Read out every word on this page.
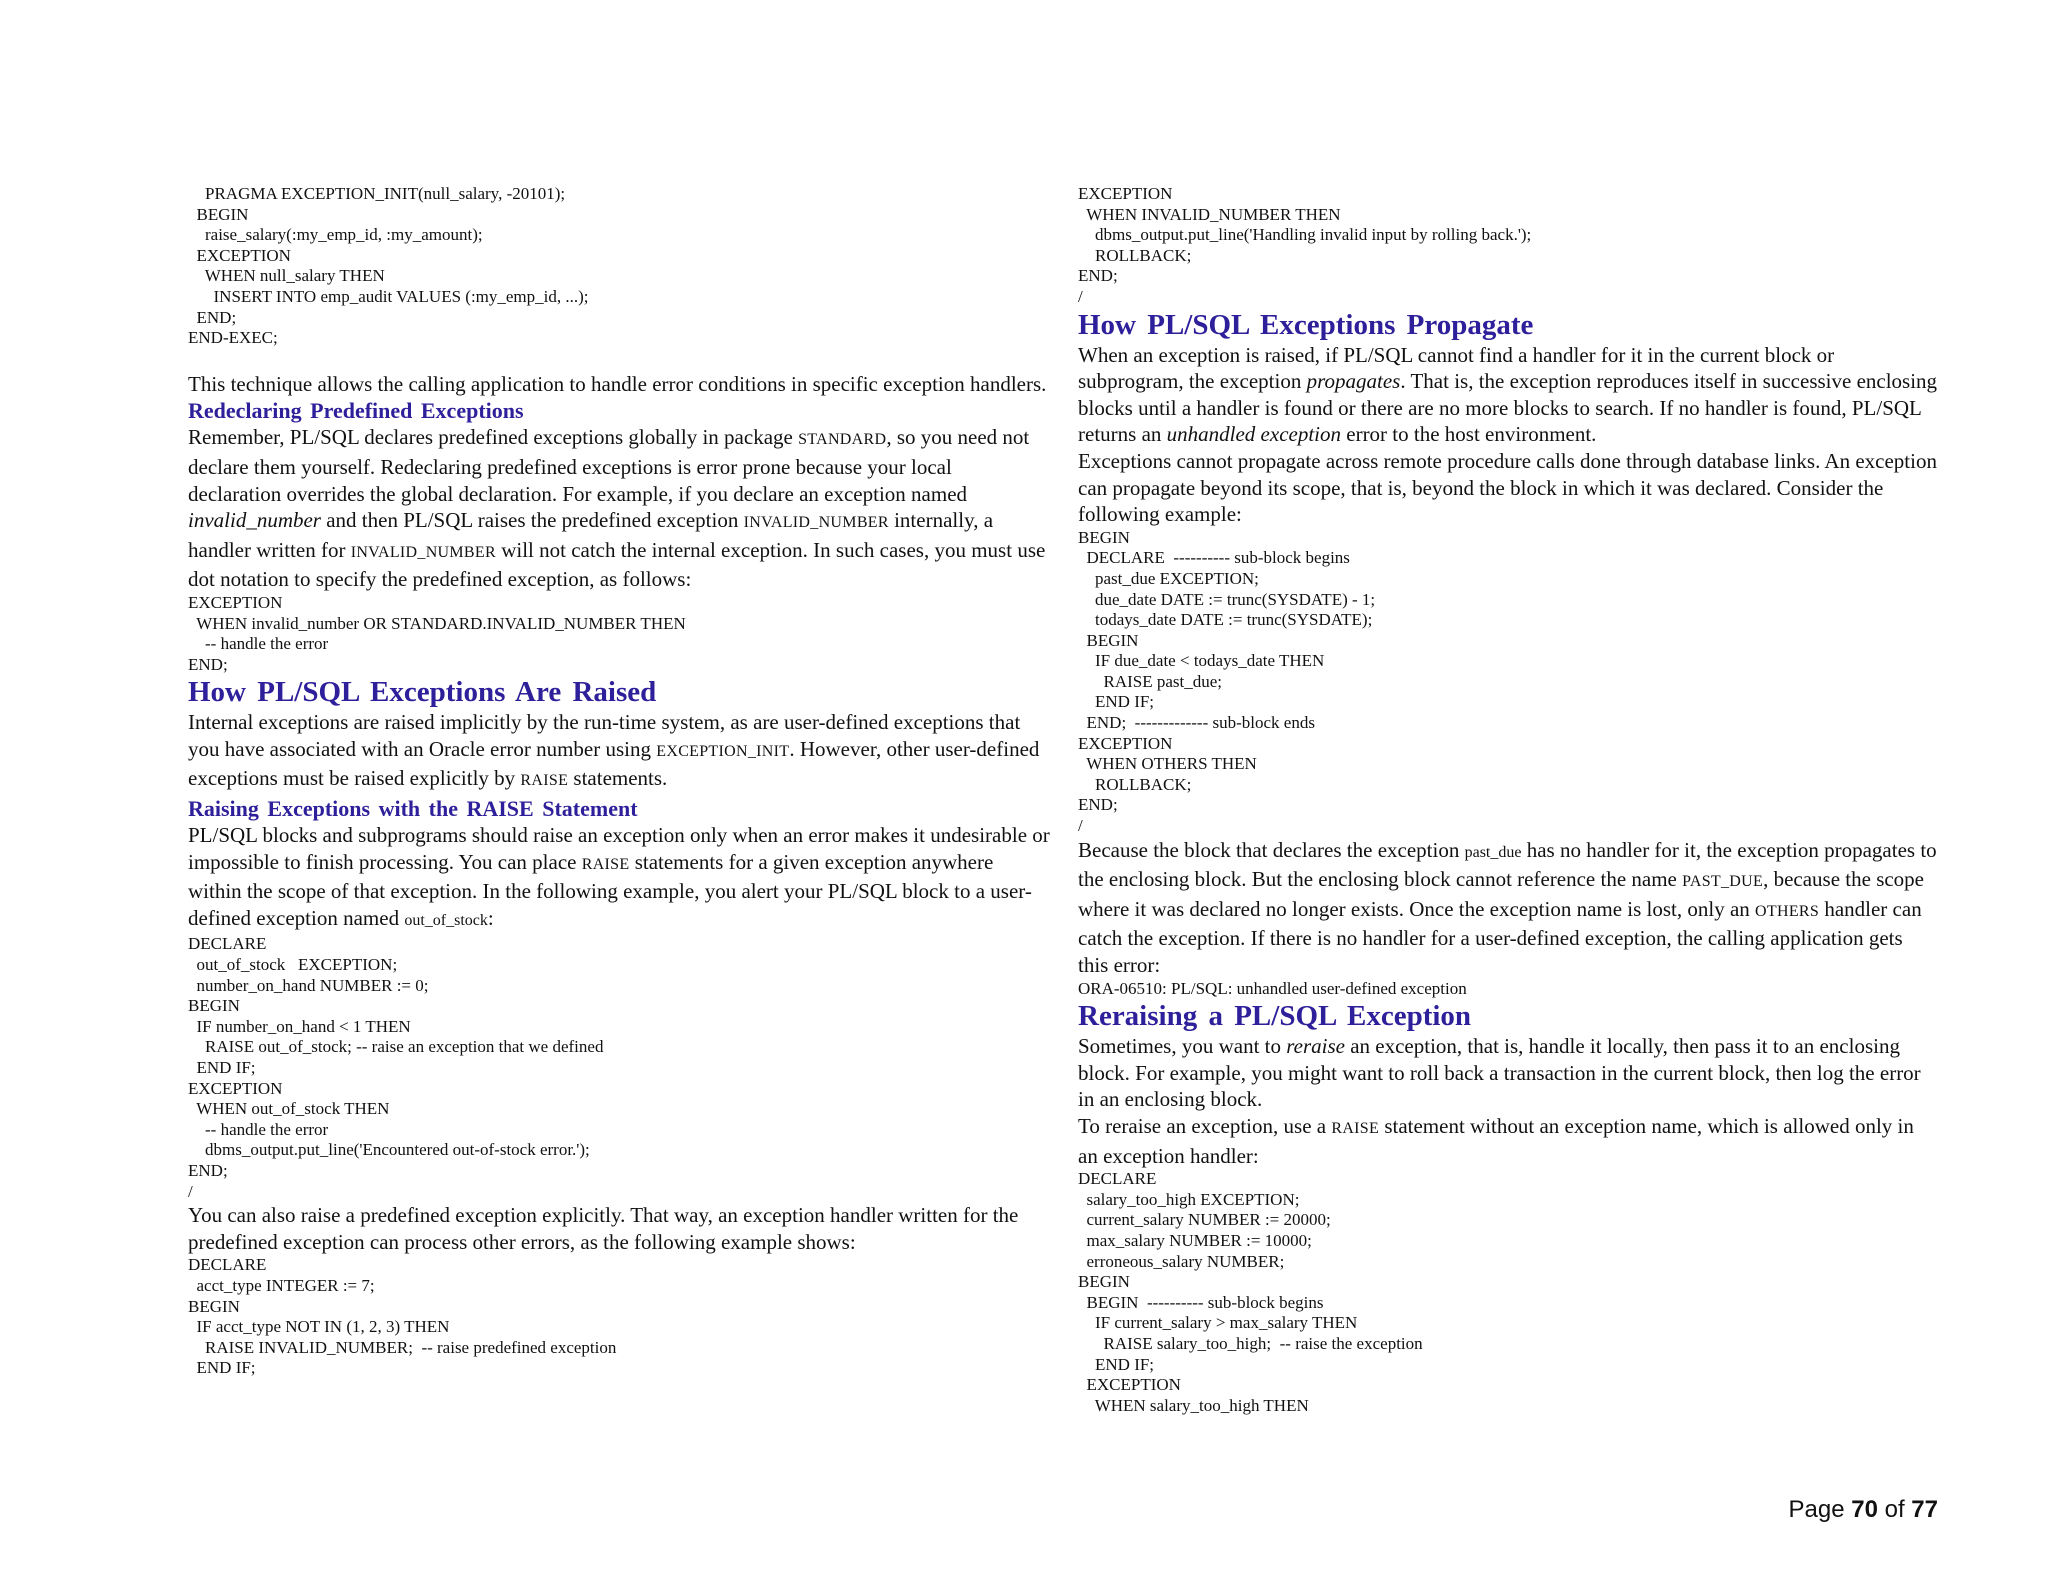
PRAGMA EXCEPTION_INIT(null_salary, -20101);
BEGIN
raise_salary(:my_emp_id, :my_amount);
EXCEPTION
WHEN null_salary THEN
INSERT INTO emp_audit VALUES (:my_emp_id, ...);
END;
END-EXEC;

This technique allows the calling application to handle error conditions in specific exception handlers.

Redeclaring Predefined Exceptions

Remember, PL/SQL declares predefined exceptions globally in package STANDARD, so you need not declare them yourself. Redeclaring predefined exceptions is error prone because your local declaration overrides the global declaration. For example, if you declare an exception named invalid_number and then PL/SQL raises the predefined exception INVALID_NUMBER internally, a handler written for INVALID_NUMBER will not catch the internal exception. In such cases, you must use dot notation to specify the predefined exception, as follows:

EXCEPTION
WHEN invalid_number OR STANDARD.INVALID_NUMBER THEN
-- handle the error
END;
How PL/SQL Exceptions Are Raised

Internal exceptions are raised implicitly by the run-time system, as are user-defined exceptions that you have associated with an Oracle error number using EXCEPTION_INIT. However, other user-defined exceptions must be raised explicitly by RAISE statements.

Raising Exceptions with the RAISE Statement

PL/SQL blocks and subprograms should raise an exception only when an error makes it undesirable or impossible to finish processing. You can place RAISE statements for a given exception anywhere within the scope of that exception. In the following example, you alert your PL/SQL block to a user-defined exception named out_of_stock:

DECLARE
out_of_stock   EXCEPTION;
number_on_hand NUMBER := 0;
BEGIN
IF number_on_hand < 1 THEN
RAISE out_of_stock; -- raise an exception that we defined
END IF;
EXCEPTION
WHEN out_of_stock THEN
-- handle the error
dbms_output.put_line('Encountered out-of-stock error.');
END;
/

You can also raise a predefined exception explicitly. That way, an exception handler written for the predefined exception can process other errors, as the following example shows:

DECLARE
acct_type INTEGER := 7;
BEGIN
IF acct_type NOT IN (1, 2, 3) THEN
RAISE INVALID_NUMBER;  -- raise predefined exception
END IF;
EXCEPTION
WHEN INVALID_NUMBER THEN
dbms_output.put_line('Handling invalid input by rolling back.');
ROLLBACK;
END;
/
How PL/SQL Exceptions Propagate

When an exception is raised, if PL/SQL cannot find a handler for it in the current block or subprogram, the exception propagates. That is, the exception reproduces itself in successive enclosing blocks until a handler is found or there are no more blocks to search. If no handler is found, PL/SQL returns an unhandled exception error to the host environment.

Exceptions cannot propagate across remote procedure calls done through database links. An exception can propagate beyond its scope, that is, beyond the block in which it was declared. Consider the following example:

BEGIN
DECLARE  ---------- sub-block begins
past_due EXCEPTION;
due_date DATE := trunc(SYSDATE) - 1;
todays_date DATE := trunc(SYSDATE);
BEGIN
IF due_date < todays_date THEN
RAISE past_due;
END IF;
END;  ------------- sub-block ends
EXCEPTION
WHEN OTHERS THEN
ROLLBACK;
END;
/

Because the block that declares the exception past_due has no handler for it, the exception propagates to the enclosing block. But the enclosing block cannot reference the name PAST_DUE, because the scope where it was declared no longer exists. Once the exception name is lost, only an OTHERS handler can catch the exception. If there is no handler for a user-defined exception, the calling application gets this error:

ORA-06510: PL/SQL: unhandled user-defined exception
Reraising a PL/SQL Exception

Sometimes, you want to reraise an exception, that is, handle it locally, then pass it to an enclosing block. For example, you might want to roll back a transaction in the current block, then log the error in an enclosing block.

To reraise an exception, use a RAISE statement without an exception name, which is allowed only in an exception handler:

DECLARE
salary_too_high EXCEPTION;
current_salary NUMBER := 20000;
max_salary NUMBER := 10000;
erroneous_salary NUMBER;
BEGIN
BEGIN  ---------- sub-block begins
IF current_salary > max_salary THEN
RAISE salary_too_high;  -- raise the exception
END IF;
EXCEPTION
WHEN salary_too_high THEN
Page 70 of 77
